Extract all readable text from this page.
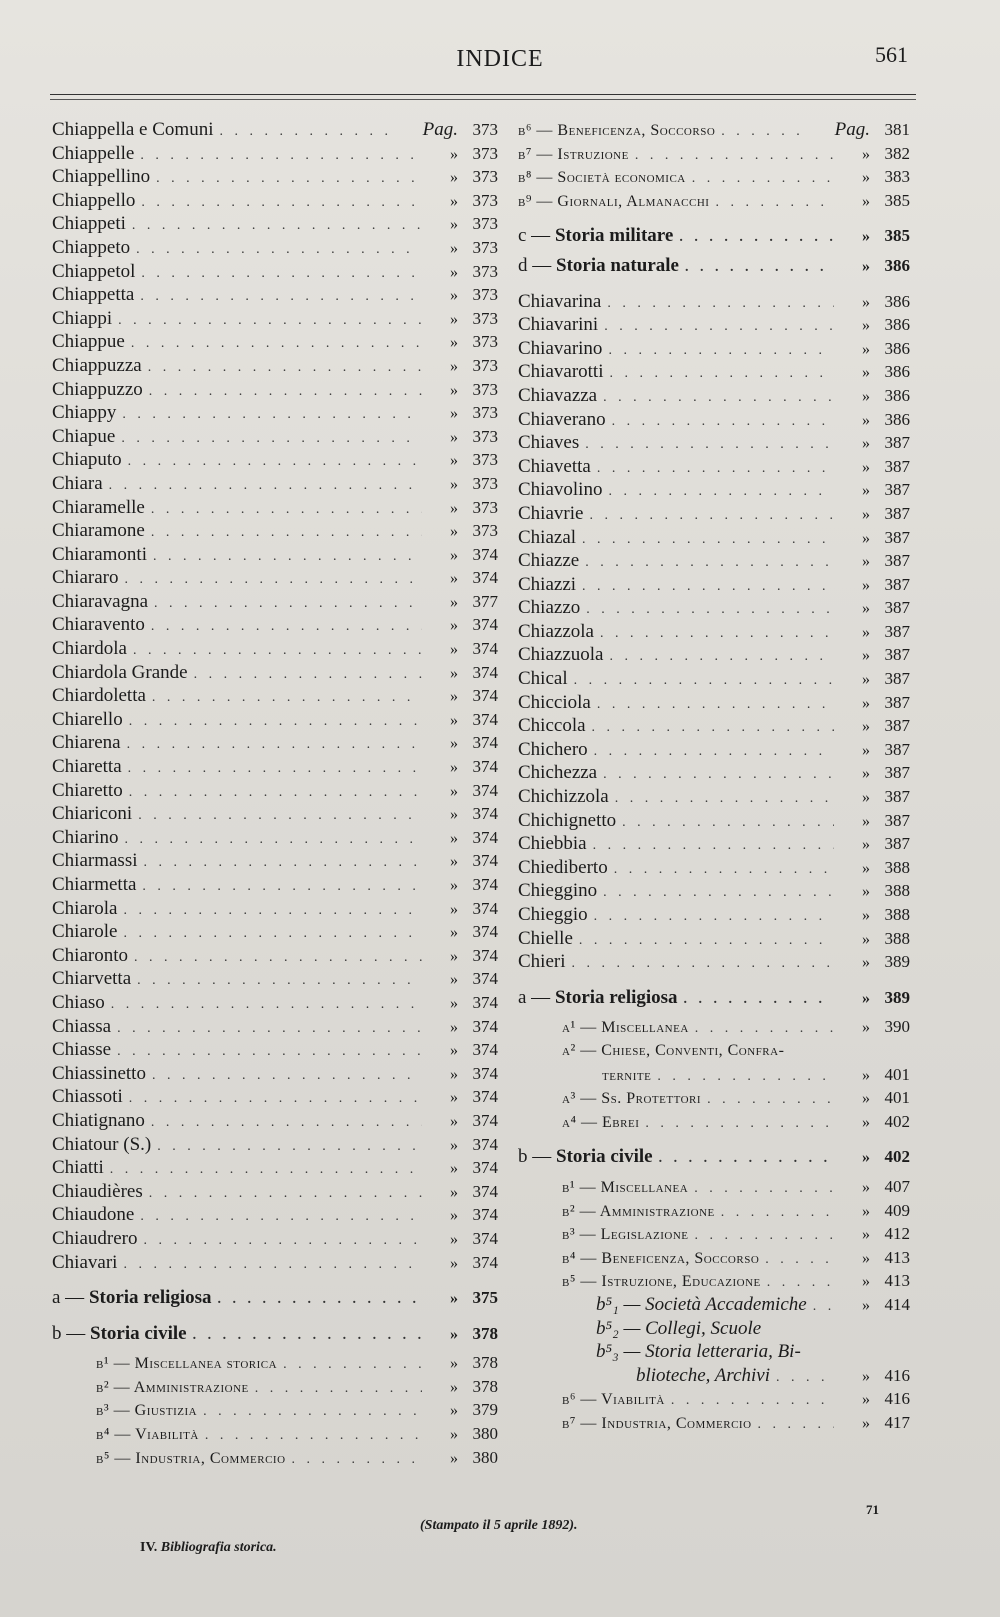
INDICE	561
Chiappella e Comuni . . .	Pag. 373
Chiappelle . . .	» 373
Chiappellino . . .	» 373
Chiappello . . .	» 373
Chiappeti . . .	» 373
Chiappeto . . .	» 373
Chiappetol . . .	» 373
Chiappetta . . .	» 373
Chiappi . . .	» 373
Chiappue . . .	» 373
Chiappuzza . . .	» 373
Chiappuzzo . . .	» 373
Chiappy . . .	» 373
Chiapue . . .	» 373
Chiaputo . . .	» 373
Chiara . . .	» 373
Chiaramelle . . .	» 373
Chiaramone . . .	» 373
Chiaramonti . . .	» 374
Chiararo . . .	» 374
Chiaravagna . . .	» 377
Chiaravento . . .	» 374
Chiardola . . .	» 374
Chiardola Grande . . .	» 374
Chiardoletta . . .	» 374
Chiarello . . .	» 374
Chiarena . . .	» 374
Chiaretta . . .	» 374
Chiaretto . . .	» 374
Chiariconi . . .	» 374
Chiarino . . .	» 374
Chiarmassi . . .	» 374
Chiarmetta . . .	» 374
Chiarola . . .	» 374
Chiarole . . .	» 374
Chiaronto . . .	» 374
Chiarvetta . . .	» 374
Chiaso . . .	» 374
Chiassa . . .	» 374
Chiasse . . .	» 374
Chiassinetto . . .	» 374
Chiassoti . . .	» 374
Chiatignano . . .	» 374
Chiatour (S.) . . .	» 374
Chiatti . . .	» 374
Chiaudières . . .	» 374
Chiaudone . . .	» 374
Chiaudrero . . .	» 374
Chiavari . . .	» 374
a — Storia religiosa . . .	» 375
b — Storia civile . . .	» 378
b¹ — Miscellanea storica . . .	» 378
b² — Amministrazione . . .	» 378
b³ — Giustizia . . .	» 379
b⁴ — Viabilità . . .	» 380
b⁵ — Industria, Commercio . . .	» 380
b⁶ — Beneficenza, Soccorso . . .	Pag. 381
b⁷ — Istruzione . . .	» 382
b⁸ — Società economica . . .	» 383
b⁹ — Giornali, Almanacchi . . .	» 385
c — Storia militare . . .	» 385
d — Storia naturale . . .	» 386
Chiavarina . . .	» 386
Chiavarini . . .	» 386
Chiavarino . . .	» 386
Chiavarotti . . .	» 386
Chiavazza . . .	» 386
Chiaverano . . .	» 386
Chiaves . . .	» 387
Chiavetta . . .	» 387
Chiavolino . . .	» 387
Chiavrie . . .	» 387
Chiazal . . .	» 387
Chiazze . . .	» 387
Chiazzi . . .	» 387
Chiazzo . . .	» 387
Chiazzola . . .	» 387
Chiazzuola . . .	» 387
Chical . . .	» 387
Chicciola . . .	» 387
Chiccola . . .	» 387
Chichero . . .	» 387
Chichezza . . .	» 387
Chichizzola . . .	» 387
Chichignetto . . .	» 387
Chiebbia . . .	» 387
Chiediberto . . .	» 388
Chieggino . . .	» 388
Chieggio . . .	» 388
Chielle . . .	» 388
Chieri . . .	» 389
a — Storia religiosa . . .	» 389
a¹ — Miscellanea . . .	» 390
a² — Chiese, Conventi, Confra-
ternite . . .	» 401
a³ — Ss. Protettori . . .	» 401
a⁴ — Ebrei . . .	» 402
b — Storia civile . . .	» 402
b¹ — Miscellanea . . .	» 407
b² — Amministrazione . . .	» 409
b³ — Legislazione . . .	» 412
b⁴ — Beneficenza, Soccorso . . .	» 413
b⁵ — Istruzione, Educazione . . .	» 413
b⁵₁ — Società Accademiche . . .	» 414
b⁵₂ — Collegi, Scuole
b⁵₃ — Storia letteraria, Bi-
blioteche, Archivi . . .	» 416
b⁶ — Viabilità . . .	» 416
b⁷ — Industria, Commercio . . .	» 417
IV. Bibliografia storica.
(Stampato il 5 aprile 1892).
71
